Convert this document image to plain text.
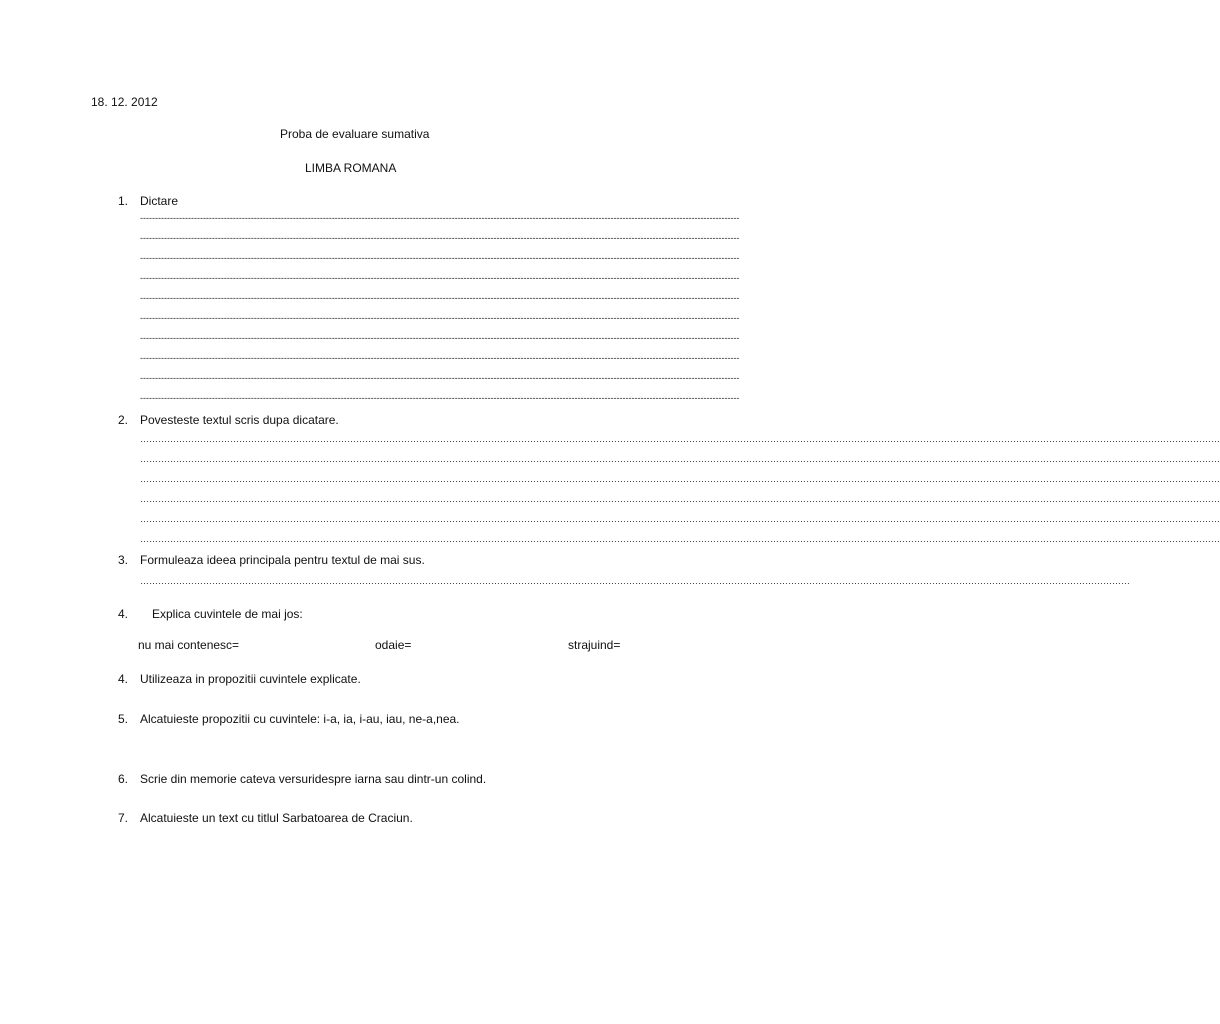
18. 12. 2012
Proba de evaluare sumativa
LIMBA ROMANA
1. Dictare
--------------------------------------------------------------------------------------------------------------------------------------------------------------------------------------------------------
--------------------------------------------------------------------------------------------------------------------------------------------------------------------------------------------------------
--------------------------------------------------------------------------------------------------------------------------------------------------------------------------------------------------------
--------------------------------------------------------------------------------------------------------------------------------------------------------------------------------------------------------
--------------------------------------------------------------------------------------------------------------------------------------------------------------------------------------------------------
--------------------------------------------------------------------------------------------------------------------------------------------------------------------------------------------------------
--------------------------------------------------------------------------------------------------------------------------------------------------------------------------------------------------------
--------------------------------------------------------------------------------------------------------------------------------------------------------------------------------------------------------
--------------------------------------------------------------------------------------------------------------------------------------------------------------------------------------------------------
--------------------------------------------------------------------------------------------------------------------------------------------------------------------------------------------------------
2. Povesteste textul scris dupa dicatare.
………………………………………………………………………………………………………………………………………………………………………………………………………………………………………………………………………………………………………………………………
………………………………………………………………………………………………………………………………………………………………………………………………………………………………………………………………………………………………………………………………
………………………………………………………………………………………………………………………………………………………………………………………………………………………………………………………………………………………………………………………………
………………………………………………………………………………………………………………………………………………………………………………………………………………………………………………………………………………………………………………………………
………………………………………………………………………………………………………………………………………………………………………………………………………………………………………………………………………………………………………………………………
………………………………………………………………………………………………………………………………………………………………………………………………………………………………………………………………………………………………………………………………
3. Formuleaza ideea principala pentru textul de mai sus.
……………………………………………………………………………………………………………………………………………………………………………………………………………………………………………………………………………………………………
4. Explica cuvintele de mai jos:
nu mai contenesc=	odaie=	strajuind=
4. Utilizeaza in propozitii cuvintele explicate.
5. Alcatuieste propozitii cu cuvintele: i-a, ia, i-au, iau, ne-a,nea.
6. Scrie din memorie cateva versuridespre iarna sau dintr-un colind.
7. Alcatuieste un text cu titlul Sarbatoarea de Craciun.
